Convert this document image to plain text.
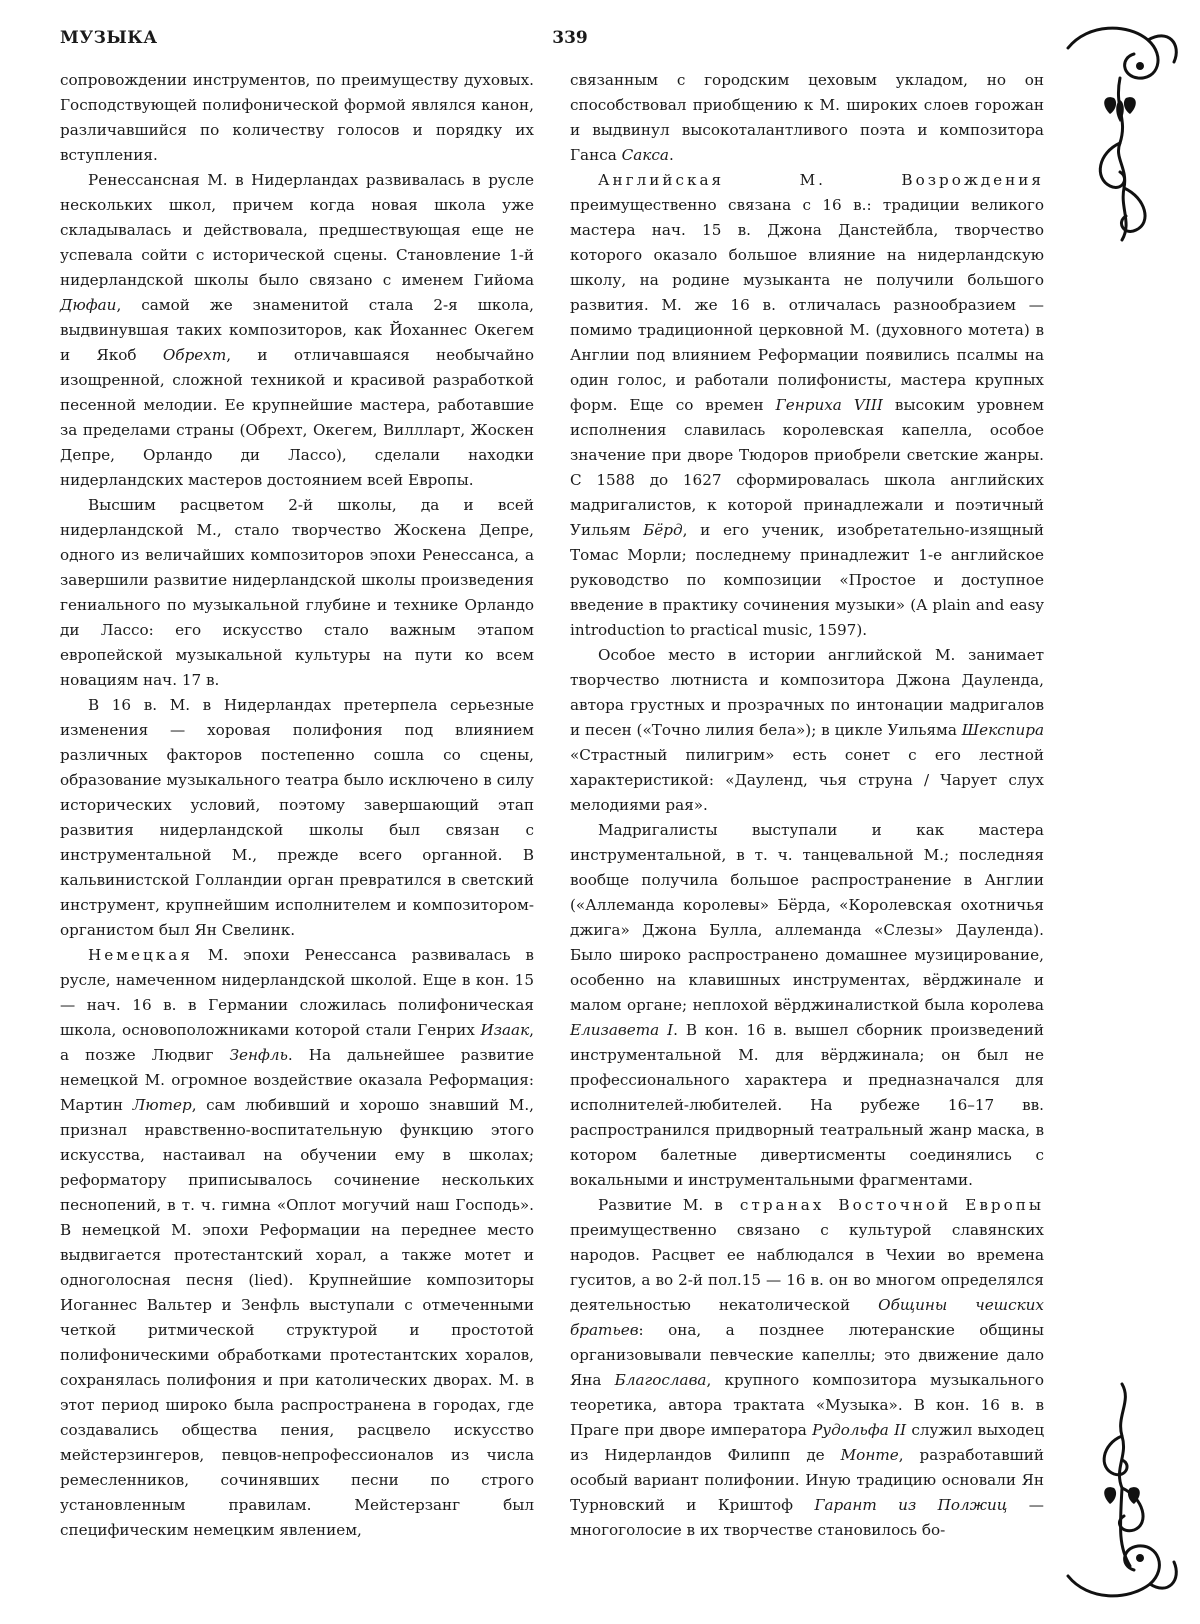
МУЗЫКА	339

сопровождении инструментов, по преимуществу духовых. Господствующей полифонической формой являлся канон, различавшийся по количеству голосов и порядку их вступления.

Ренессансная М. в Нидерландах развивалась в русле нескольких школ, причем когда новая школа уже складывалась и действовала, предшествующая еще не успевала сойти с исторической сцены. Становление 1-й нидерландской школы было связано с именем Гийома Дюфаи, самой же знаменитой стала 2-я школа, выдвинувшая таких композиторов, как Йоханнес Окегем и Якоб Обрехт, и отличавшаяся необычайно изощренной, сложной техникой и красивой разработкой песенной мелодии. Ее крупнейшие мастера, работавшие за пределами страны (Обрехт, Окегем, Виллларт, Жоскен Депре, Орландо ди Лассо), сделали находки нидерландских мастеров достоянием всей Европы.

Высшим расцветом 2-й школы, да и всей нидерландской М., стало творчество Жоскена Депре, одного из величайших композиторов эпохи Ренессанса, а завершили развитие нидерландской школы произведения гениального по музыкальной глубине и технике Орландо ди Лассо: его искусство стало важным этапом европейской музыкальной культуры на пути ко всем новациям нач. 17 в.

В 16 в. М. в Нидерландах претерпела серьезные изменения — хоровая полифония под влиянием различных факторов постепенно сошла со сцены, образование музыкального театра было исключено в силу исторических условий, поэтому завершающий этап развития нидерландской школы был связан с инструментальной М., прежде всего органной. В кальвинистской Голландии орган превратился в светский инструмент, крупнейшим исполнителем и композитором-органистом был Ян Свелинк.

Немецкая М. эпохи Ренессанса развивалась в русле, намеченном нидерландской школой. Еще в кон. 15 — нач. 16 в. в Германии сложилась полифоническая школа, основоположниками которой стали Генрих Изаак, а позже Людвиг Зенфль. На дальнейшее развитие немецкой М. огромное воздействие оказала Реформация: Мартин Лютер, сам любивший и хорошо знавший М., признал нравственно-воспитательную функцию этого искусства, настаивал на обучении ему в школах; реформатору приписывалось сочинение нескольких песнопений, в т. ч. гимна «Оплот могучий наш Господь». В немецкой М. эпохи Реформации на переднее место выдвигается протестантский хорал, а также мотет и одноголосная песня (lied). Крупнейшие композиторы Иоганнес Вальтер и Зенфль выступали с отмеченными четкой ритмической структурой и простотой полифоническими обработками протестантских хоралов, сохранялась полифония и при католических дворах. М. в этот период широко была распространена в городах, где создавались общества пения, расцвело искусство мейстерзингеров, певцов-непрофессионалов из числа ремесленников, сочинявших песни по строго установленным правилам. Мейстерзанг был специфическим немецким явлением,

связанным с городским цеховым укладом, но он способствовал приобщению к М. широких слоев горожан и выдвинул высокоталантливого поэта и композитора Ганса Сакса.

Английская М. Возрождения преимущественно связана с 16 в.: традиции великого мастера нач. 15 в. Джона Данстейбла, творчество которого оказало большое влияние на нидерландскую школу, на родине музыканта не получили большого развития. М. же 16 в. отличалась разнообразием — помимо традиционной церковной М. (духовного мотета) в Англии под влиянием Реформации появились псалмы на один голос, и работали полифонисты, мастера крупных форм. Еще со времен Генриха VIII высоким уровнем исполнения славилась королевская капелла, особое значение при дворе Тюдоров приобрели светские жанры. С 1588 до 1627 сформировалась школа английских мадригалистов, к которой принадлежали и поэтичный Уильям Бёрд, и его ученик, изобретательно-изящный Томас Морли; последнему принадлежит 1-е английское руководство по композиции «Простое и доступное введение в практику сочинения музыки» (A plain and easy introduction to practical music, 1597).

Особое место в истории английской М. занимает творчество лютниста и композитора Джона Дауленда, автора грустных и прозрачных по интонации мадригалов и песен («Точно лилия бела»); в цикле Уильяма Шекспира «Страстный пилигрим» есть сонет с его лестной характеристикой: «Дауленд, чья струна / Чарует слух мелодиями рая».

Мадригалисты выступали и как мастера инструментальной, в т. ч. танцевальной М.; последняя вообще получила большое распространение в Англии («Аллеманда королевы» Бёрда, «Королевская охотничья джига» Джона Булла, аллеманда «Слезы» Дауленда). Было широко распространено домашнее музицирование, особенно на клавишных инструментах, вёрджинале и малом органе; неплохой вёрджиналисткой была королева Елизавета I. В кон. 16 в. вышел сборник произведений инструментальной М. для вёрджинала; он был не профессионального характера и предназначался для исполнителей-любителей. На рубеже 16–17 вв. распространился придворный театральный жанр маска, в котором балетные дивертисменты соединялись с вокальными и инструментальными фрагментами.

Развитие М. в странах Восточной Европы преимущественно связано с культурой славянских народов. Расцвет ее наблюдался в Чехии во времена гуситов, а во 2-й пол.15 — 16 в. он во многом определялся деятельностью некатолической Общины чешских братьев: она, а позднее лютеранские общины организовывали певческие капеллы; это движение дало Яна Благослава, крупного композитора музыкального теоретика, автора трактата «Музыка». В кон. 16 в. в Праге при дворе императора Рудольфа II служил выходец из Нидерландов Филипп де Монте, разработавший особый вариант полифонии. Иную традицию основали Ян Турновский и Криштоф Гарант из Полжиц — многоголосие в их творчестве становилось бо-
